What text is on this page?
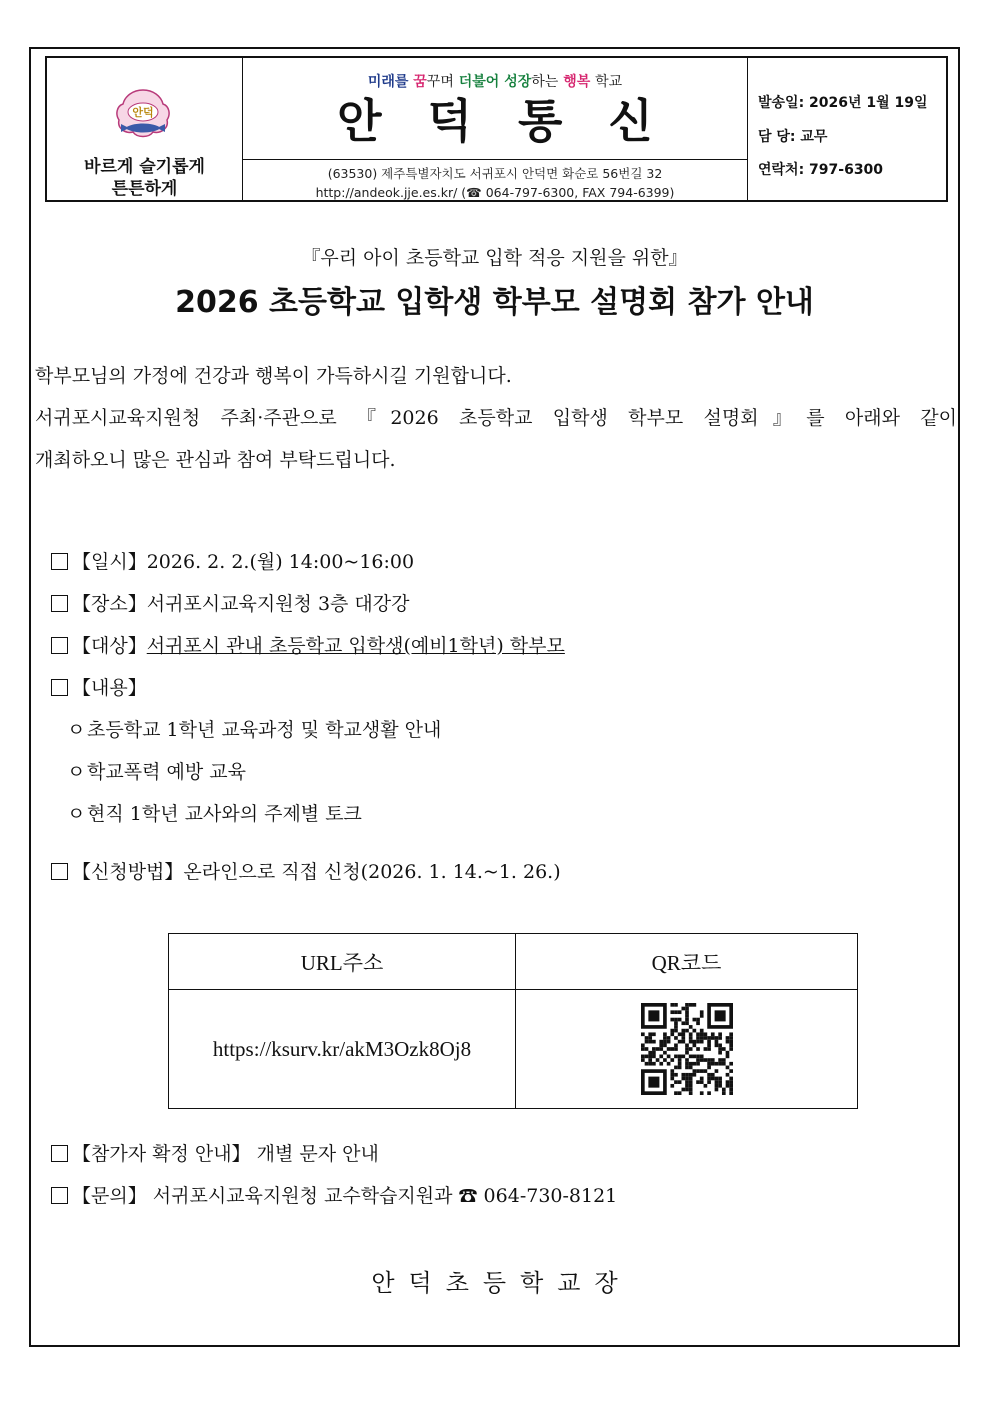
안덕
바르게 슬기롭게
튼튼하게
미래를 꿈꾸며 더불어 성장하는 행복 학교
안덕통신
(63530) 제주특별자치도 서귀포시 안덕면 화순로 56번길 32
http://andeok.jje.es.kr/ (☎ 064-797-6300, FAX 794-6399)
발송일: 2026년 1월 19일
담 당: 교무
연락처: 797-6300
『우리 아이 초등학교 입학 적응 지원을 위한』
2026 초등학교 입학생 학부모 설명회 참가 안내
학부모님의 가정에 건강과 행복이 가득하시길 기원합니다.
서귀포시교육지원청 주최·주관으로 『2026 초등학교 입학생 학부모 설명회』를 아래와 같이
개최하오니 많은 관심과 참여 부탁드립니다.
【일시】2026. 2. 2.(월) 14:00~16:00
【장소】서귀포시교육지원청 3층 대강강
【대상】서귀포시 관내 초등학교 입학생(예비1학년) 학부모
【내용】
ㅇ 초등학교 1학년 교육과정 및 학교생활 안내
ㅇ 학교폭력 예방 교육
ㅇ 현직 1학년 교사와의 주제별 토크
【신청방법】온라인으로 직접 신청(2026. 1. 14.~1. 26.)
URL주소	QR코드
https://ksurv.kr/akM3Ozk8Oj8	
【참가자 확정 안내】 개별 문자 안내
【문의】 서귀포시교육지원청 교수학습지원과 ☎ 064-730-8121
안덕초등학교장
